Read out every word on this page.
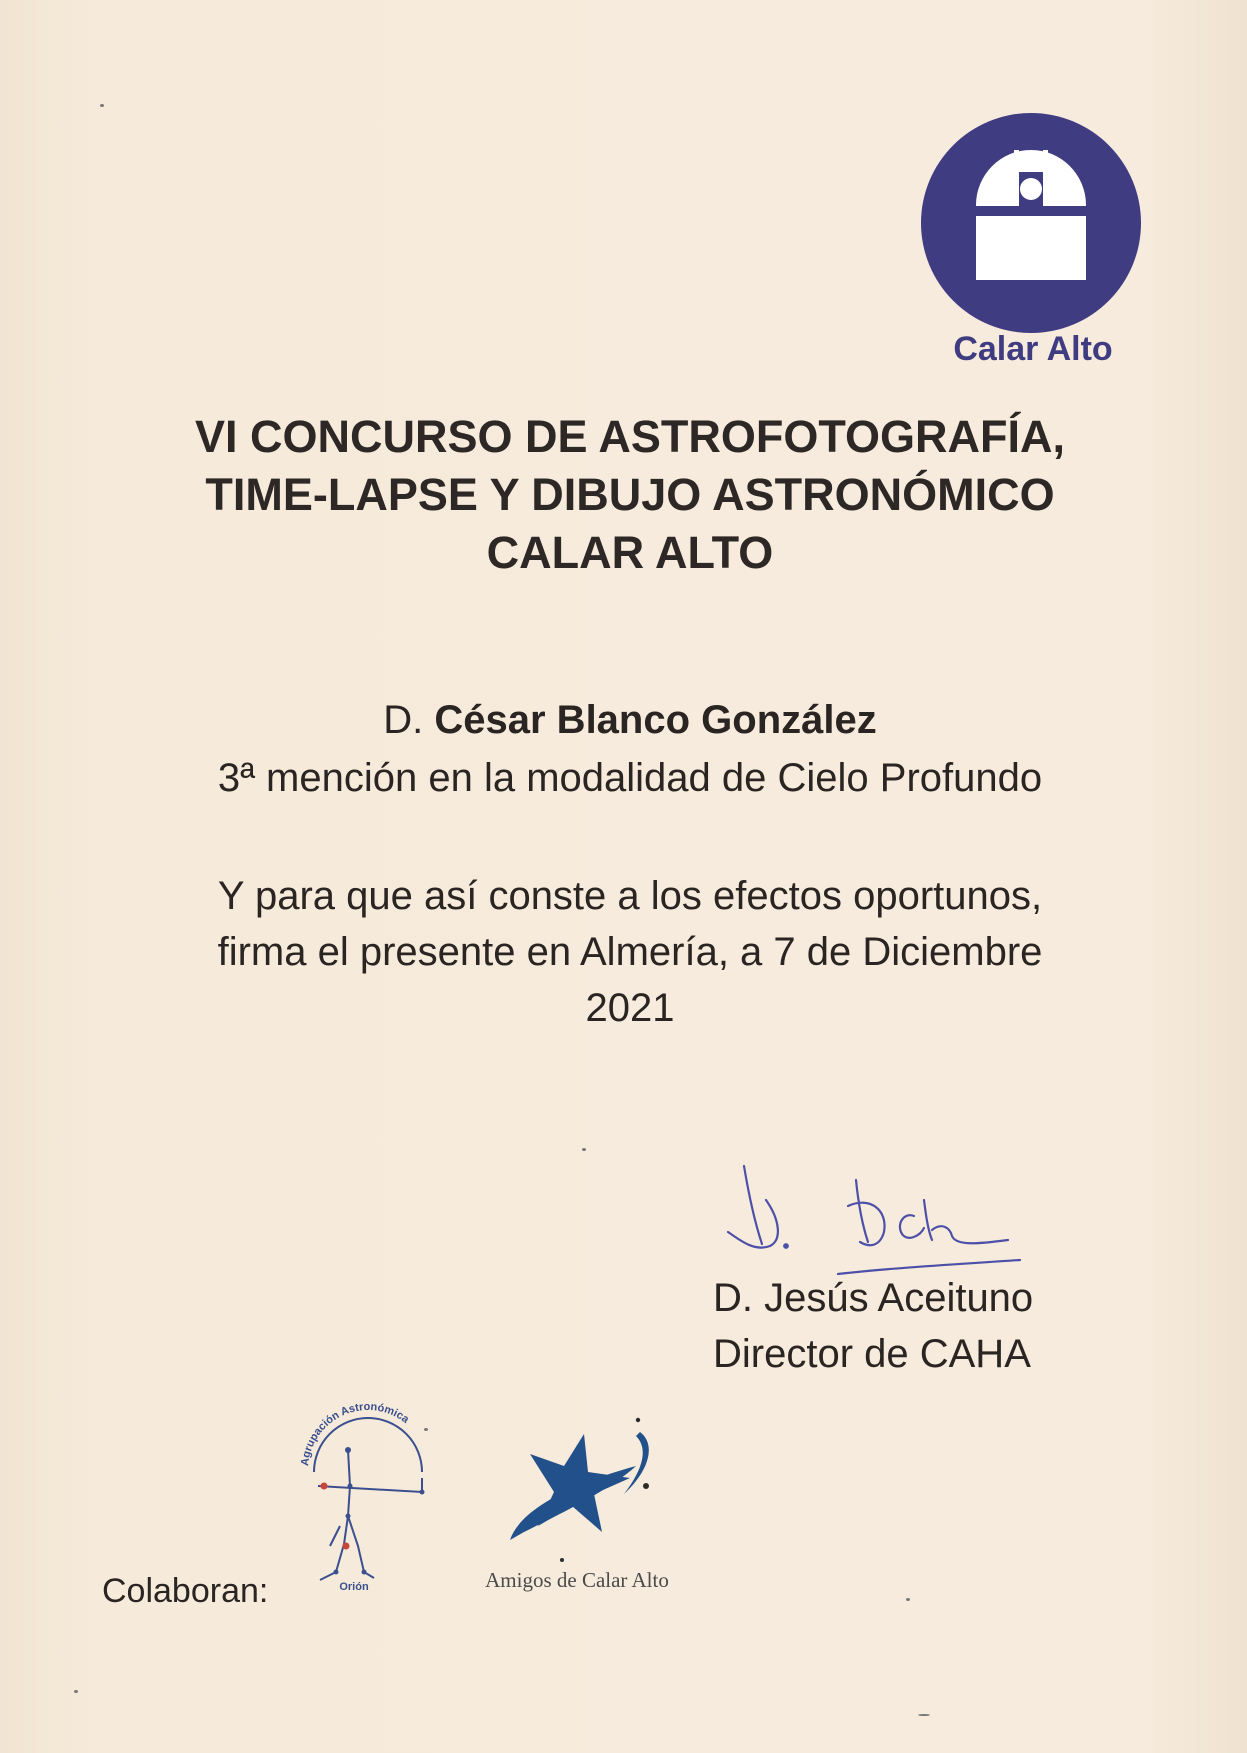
Calar Alto
VI CONCURSO DE ASTROFOTOGRAFÍA,
TIME-LAPSE Y DIBUJO ASTRONÓMICO
CALAR ALTO
D. César Blanco González
3ª mención en la modalidad de Cielo Profundo
Y para que así conste a los efectos oportunos,
firma el presente en Almería, a 7 de Diciembre
2021
D. Jesús Aceituno
Director de CAHA
Colaboran:
Agrupación Astronómica
Orión	Amigos de Calar Alto
